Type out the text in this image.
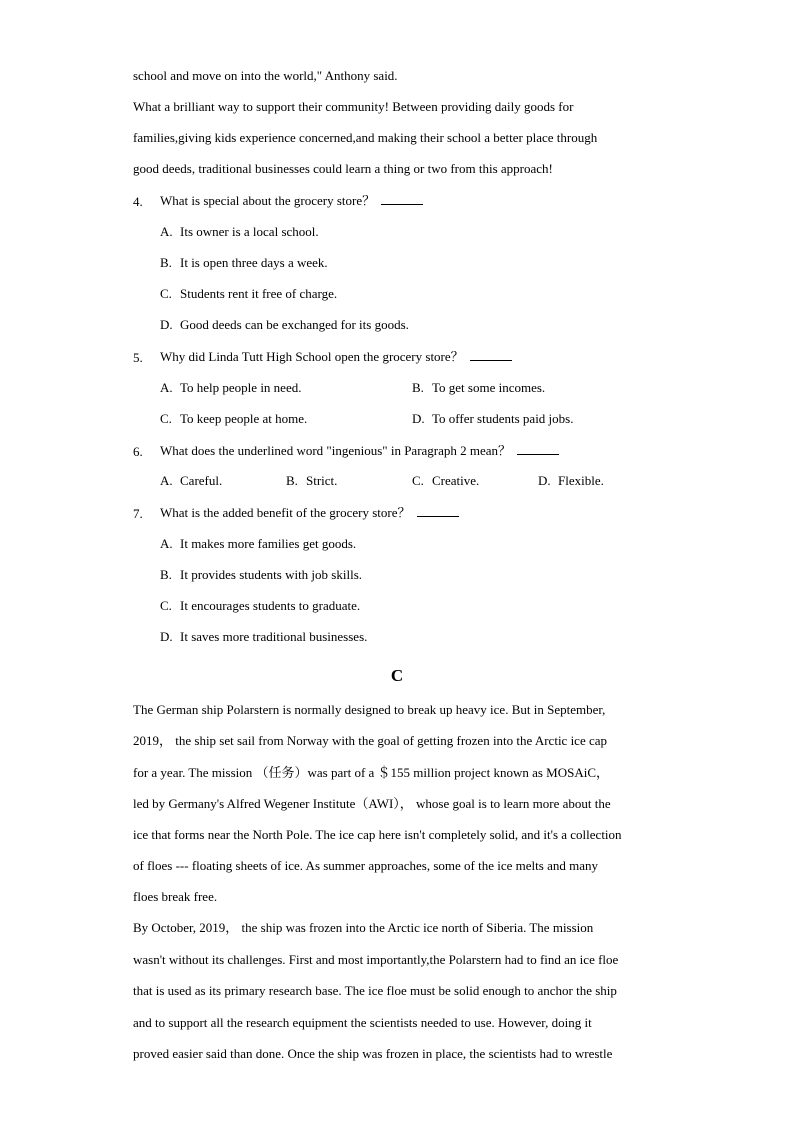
school and move on into the world," Anthony said.
What a brilliant way to support their community! Between providing daily goods for
families,giving kids experience concerned,and making their school a better place through
good deeds, traditional businesses could learn a thing or two from this approach!
4. What is special about the grocery store？
A. Its owner is a local school.
B. It is open three days a week.
C. Students rent it free of charge.
D. Good deeds can be exchanged for its goods.
5. Why did Linda Tutt High School open the grocery store？
A. To help people in need.	B. To get some incomes.
C. To keep people at home.	D. To offer students paid jobs.
6. What does the underlined word "ingenious" in Paragraph 2 mean？
A. Careful.	B. Strict.	C. Creative.	D. Flexible.
7. What is the added benefit of the grocery store？
A. It makes more families get goods.
B. It provides students with job skills.
C. It encourages students to graduate.
D. It saves more traditional businesses.
C
The German ship Polarstern is normally designed to break up heavy ice. But in September,
2019， the ship set sail from Norway with the goal of getting frozen into the Arctic ice cap
for a year. The mission （任务）was part of a ＄155 million project known as MOSAiC，
led by Germany's Alfred Wegener Institute（AWI）， whose goal is to learn more about the
ice that forms near the North Pole. The ice cap here isn't completely solid, and it's a collection
of floes --- floating sheets of ice. As summer approaches, some of the ice melts and many
floes break free.
By October, 2019， the ship was frozen into the Arctic ice north of Siberia. The mission
wasn't without its challenges. First and most importantly,the Polarstern had to find an ice floe
that is used as its primary research base. The ice floe must be solid enough to anchor the ship
and to support all the research equipment the scientists needed to use. However, doing it
proved easier said than done. Once the ship was frozen in place, the scientists had to wrestle
